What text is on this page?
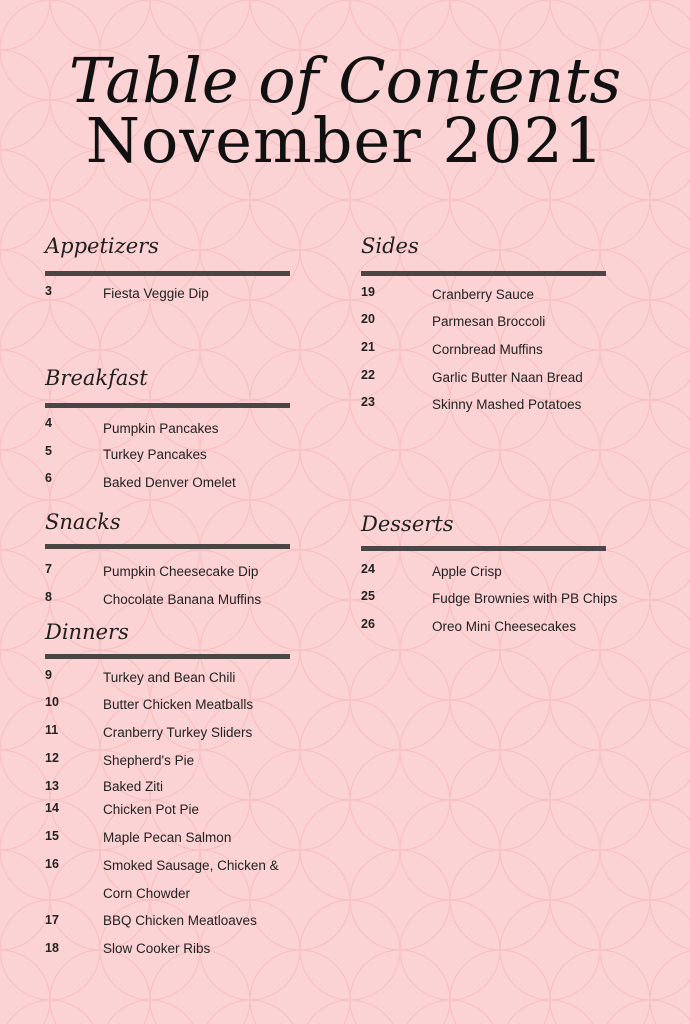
Table of Contents
November 2021
Appetizers
3	Fiesta Veggie Dip
Breakfast
4	Pumpkin Pancakes
5	Turkey Pancakes
6	Baked Denver Omelet
Snacks
7	Pumpkin Cheesecake Dip
8	Chocolate Banana Muffins
Dinners
9	Turkey and Bean Chili
10	Butter Chicken Meatballs
11	Cranberry Turkey Sliders
12	Shepherd's Pie
13	Baked Ziti
14	Chicken Pot Pie
15	Maple Pecan Salmon
16	Smoked Sausage, Chicken &
Corn Chowder
17	BBQ Chicken Meatloaves
18	Slow Cooker Ribs
Sides
19	Cranberry Sauce
20	Parmesan Broccoli
21	Cornbread Muffins
22	Garlic Butter Naan Bread
23	Skinny Mashed Potatoes
Desserts
24	Apple Crisp
25	Fudge Brownies with PB Chips
26	Oreo Mini Cheesecakes
